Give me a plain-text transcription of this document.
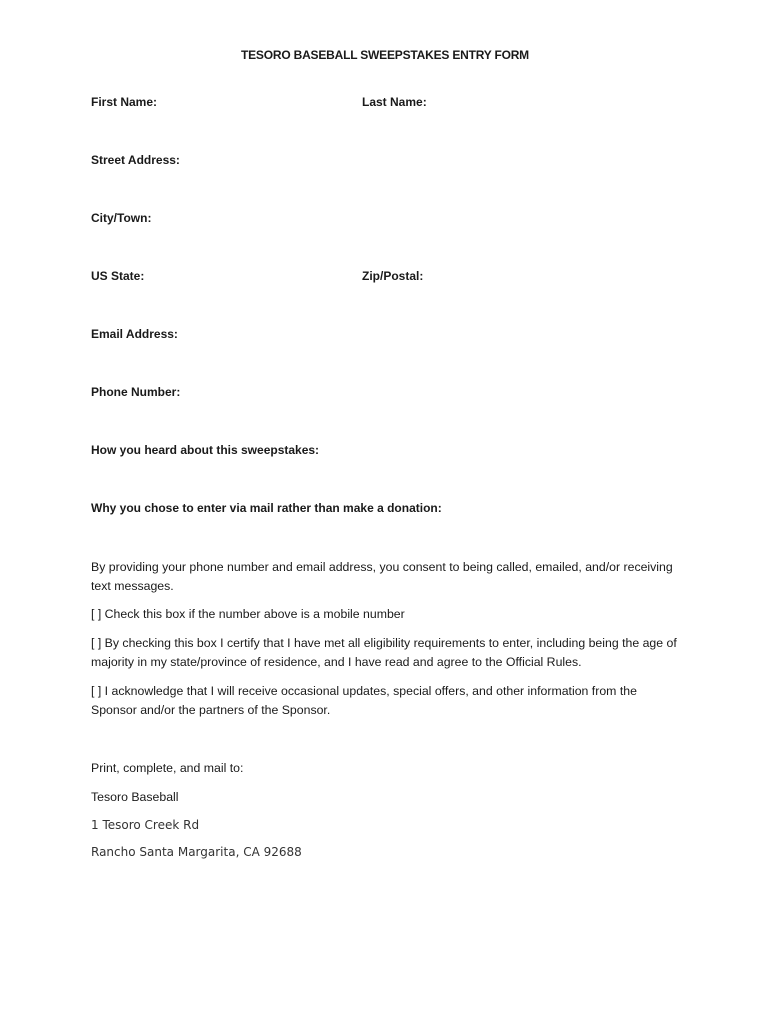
TESORO BASEBALL SWEEPSTAKES ENTRY FORM
First Name:	Last Name:
Street Address:
City/Town:
US State:	Zip/Postal:
Email Address:
Phone Number:
How you heard about this sweepstakes:
Why you chose to enter via mail rather than make a donation:
By providing your phone number and email address, you consent to being called, emailed, and/or receiving text messages.
[ ] Check this box if the number above is a mobile number
[ ] By checking this box I certify that I have met all eligibility requirements to enter, including being the age of majority in my state/province of residence, and I have read and agree to the Official Rules.
[ ] I acknowledge that I will receive occasional updates, special offers, and other information from the Sponsor and/or the partners of the Sponsor.
Print, complete, and mail to:
Tesoro Baseball
1 Tesoro Creek Rd
Rancho Santa Margarita, CA 92688
